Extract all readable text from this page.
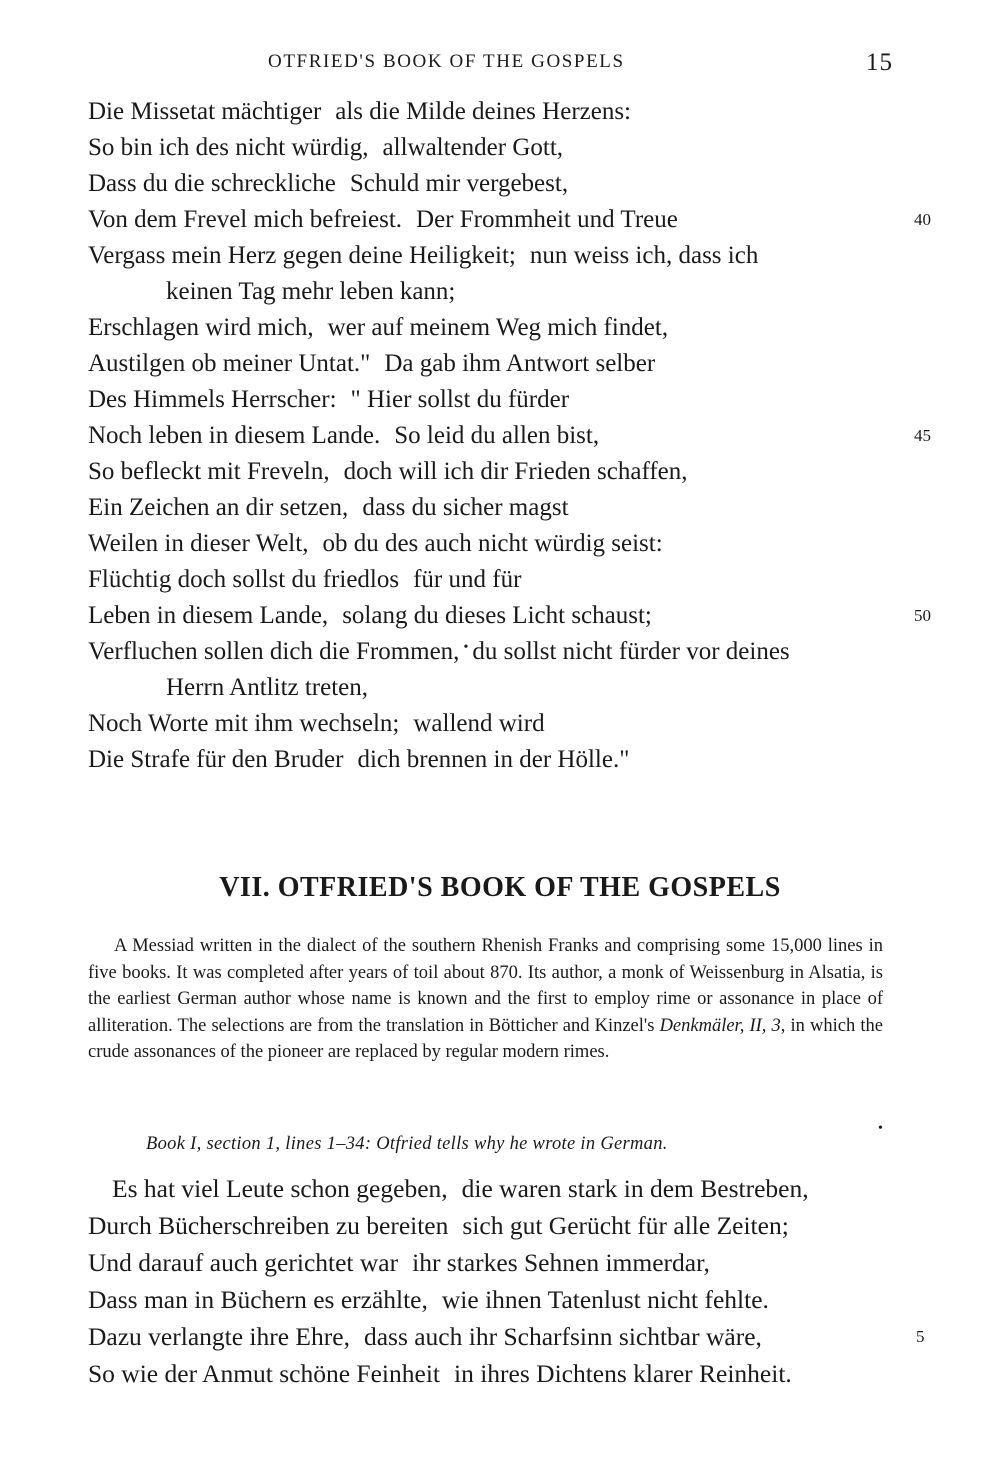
OTFRIED'S BOOK OF THE GOSPELS	15
Die Missetat mächtiger als die Milde deines Herzens:
So bin ich des nicht würdig, allwaltender Gott,
Dass du die schreckliche Schuld mir vergebest,
Von dem Frevel mich befreiest. Der Frommheit und Treue	40
Vergass mein Herz gegen deine Heiligkeit; nun weiss ich, dass ich
keinen Tag mehr leben kann;
Erschlagen wird mich, wer auf meinem Weg mich findet,
Austilgen ob meiner Untat." Da gab ihm Antwort selber
Des Himmels Herrscher: " Hier sollst du fürder
Noch leben in diesem Lande. So leid du allen bist,	45
So befleckt mit Freveln, doch will ich dir Frieden schaffen,
Ein Zeichen an dir setzen, dass du sicher magst
Weilen in dieser Welt, ob du des auch nicht würdig seist:
Flüchtig doch sollst du friedlos für und für
Leben in diesem Lande, solang du dieses Licht schaust;	50
Verfluchen sollen dich die Frommen, • du sollst nicht fürder vor deines
Herrn Antlitz treten,
Noch Worte mit ihm wechseln; wallend wird
Die Strafe für den Bruder dich brennen in der Hölle."
VII. OTFRIED'S BOOK OF THE GOSPELS
A Messiad written in the dialect of the southern Rhenish Franks and comprising some 15,000 lines in five books. It was completed after years of toil about 870. Its author, a monk of Weissenburg in Alsatia, is the earliest German author whose name is known and the first to employ rime or assonance in place of alliteration. The selections are from the translation in Bötticher and Kinzel's Denkmäler, II, 3, in which the crude assonances of the pioneer are replaced by regular modern rimes.
•
Book I, section 1, lines 1–34: Otfried tells why he wrote in German.
Es hat viel Leute schon gegeben, die waren stark in dem Bestreben,
Durch Bücherschreiben zu bereiten sich gut Gerücht für alle Zeiten;
Und darauf auch gerichtet war ihr starkes Sehnen immerdar,
Dass man in Büchern es erzählte, wie ihnen Tatenlust nicht fehlte.
Dazu verlangte ihre Ehre, dass auch ihr Scharfsinn sichtbar wäre,	5
So wie der Anmut schöne Feinheit in ihres Dichtens klarer Reinheit.
